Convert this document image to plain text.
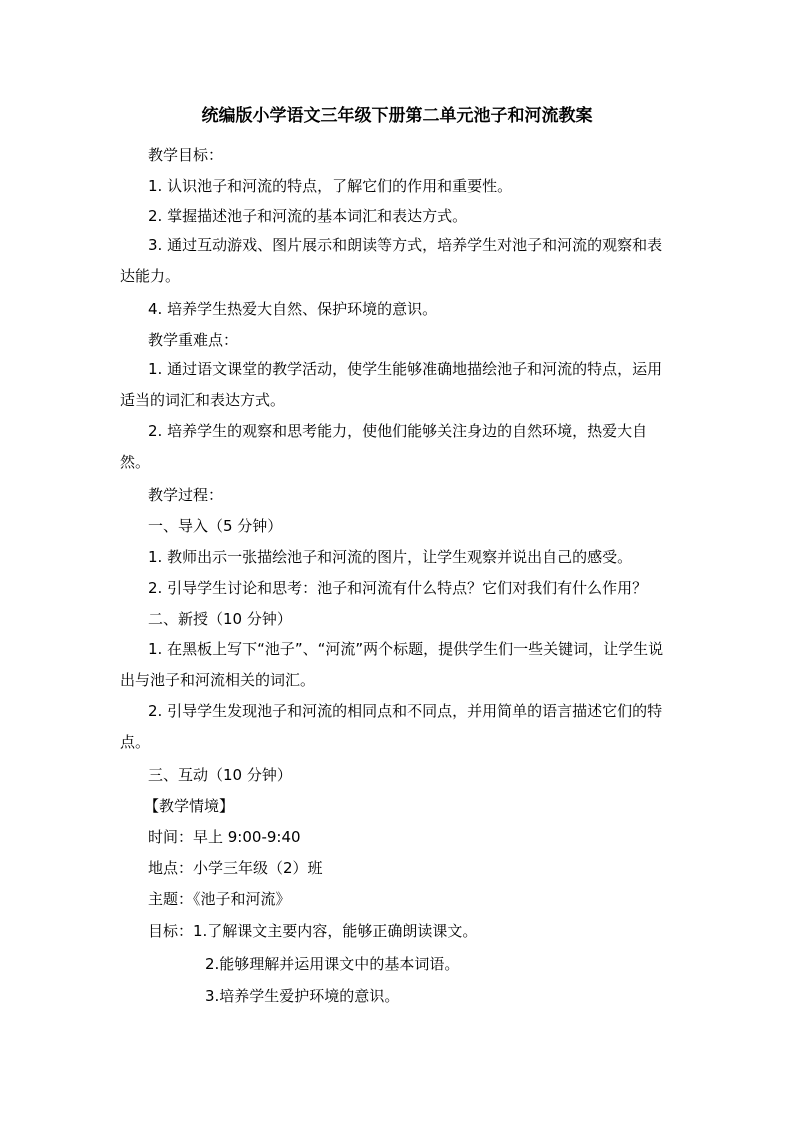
统编版小学语文三年级下册第二单元池子和河流教案
教学目标：
1. 认识池子和河流的特点，了解它们的作用和重要性。
2. 掌握描述池子和河流的基本词汇和表达方式。

3. 通过互动游戏、图片展示和朗读等方式，培养学生对池子和河流的观察和表达能力。

4. 培养学生热爱大自然、保护环境的意识。
教学重难点：

1. 通过语文课堂的教学活动，使学生能够准确地描绘池子和河流的特点，运用适当的词汇和表达方式。

2. 培养学生的观察和思考能力，使他们能够关注身边的自然环境，热爱大自然。

教学过程：
一、导入（5 分钟）
1. 教师出示一张描绘池子和河流的图片，让学生观察并说出自己的感受。
2. 引导学生讨论和思考：池子和河流有什么特点？它们对我们有什么作用？
二、新授（10 分钟）

1. 在黑板上写下“池子”、“河流”两个标题，提供学生们一些关键词，让学生说出与池子和河流相关的词汇。

2. 引导学生发现池子和河流的相同点和不同点，并用简单的语言描述它们的特点。

三、互动（10 分钟）
【教学情境】
时间：早上 9:00-9:40
地点：小学三年级（2）班
主题：《池子和河流》
目标：1.了解课文主要内容，能够正确朗读课文。
2.能够理解并运用课文中的基本词语。
3.培养学生爱护环境的意识。
